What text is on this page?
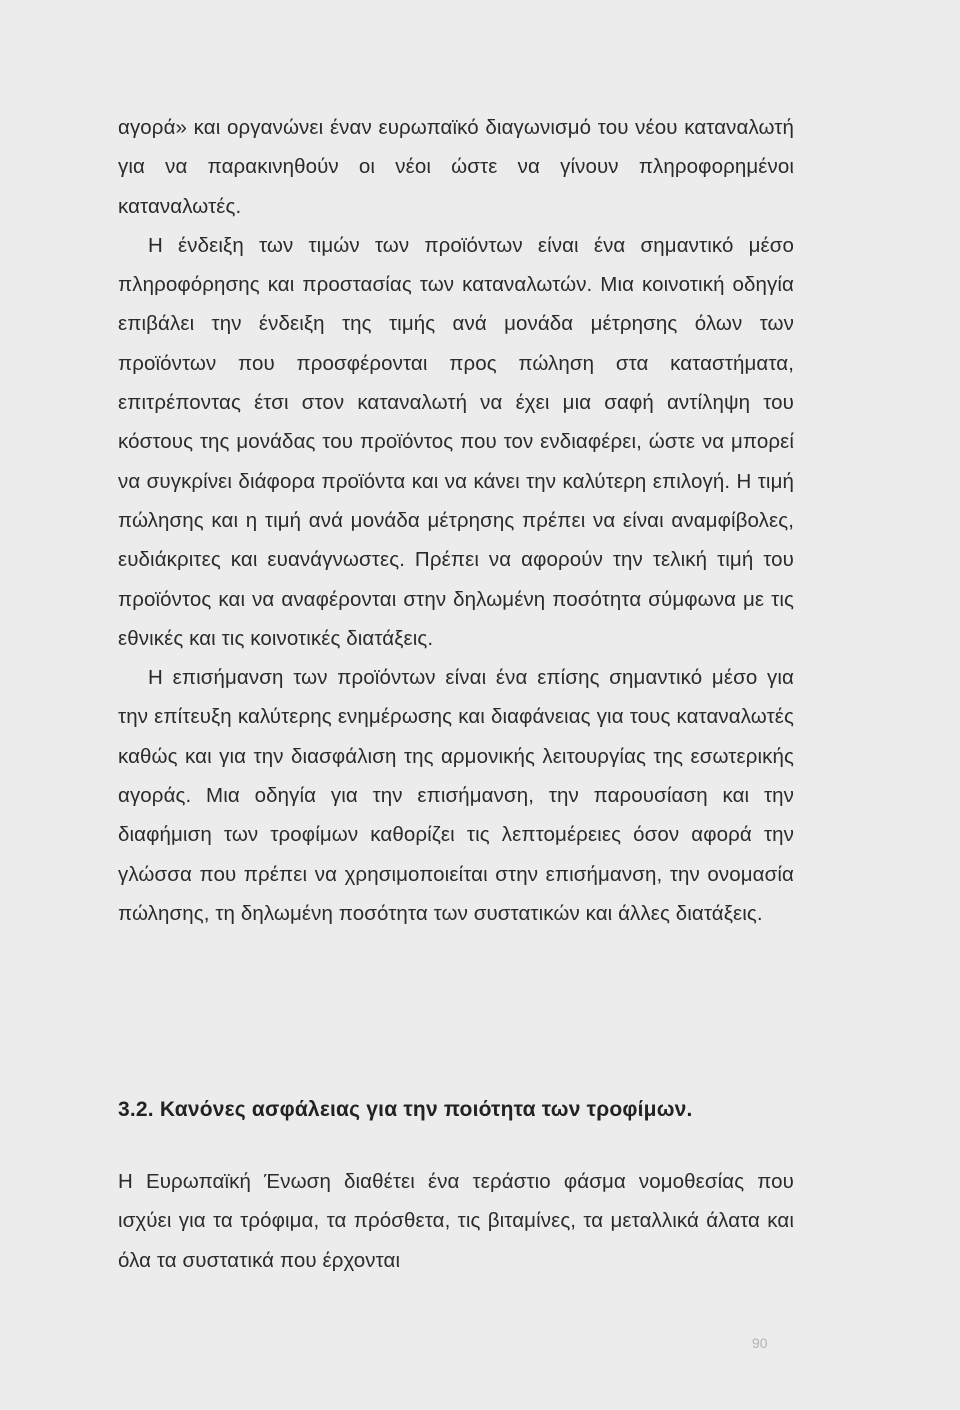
αγορά» και οργανώνει έναν ευρωπαϊκό διαγωνισμό του νέου καταναλωτή για να παρακινηθούν οι νέοι ώστε να γίνουν πληροφορημένοι καταναλωτές.

Η ένδειξη των τιμών των προϊόντων είναι ένα σημαντικό μέσο πληροφόρησης και προστασίας των καταναλωτών. Μια κοινοτική οδηγία επιβάλει την ένδειξη της τιμής ανά μονάδα μέτρησης όλων των προϊόντων που προσφέρονται προς πώληση στα καταστήματα, επιτρέποντας έτσι στον καταναλωτή να έχει μια σαφή αντίληψη του κόστους της μονάδας του προϊόντος που τον ενδιαφέρει, ώστε να μπορεί να συγκρίνει διάφορα προϊόντα και να κάνει την καλύτερη επιλογή. Η τιμή πώλησης και η τιμή ανά μονάδα μέτρησης πρέπει να είναι αναμφίβολες, ευδιάκριτες και ευανάγνωστες. Πρέπει να αφορούν την τελική τιμή του προϊόντος και να αναφέρονται στην δηλωμένη ποσότητα σύμφωνα με τις εθνικές και τις κοινοτικές διατάξεις.

Η επισήμανση των προϊόντων είναι ένα επίσης σημαντικό μέσο για την επίτευξη καλύτερης ενημέρωσης και διαφάνειας για τους καταναλωτές καθώς και για την διασφάλιση της αρμονικής λειτουργίας της εσωτερικής αγοράς. Μια οδηγία για την επισήμανση, την παρουσίαση και την διαφήμιση των τροφίμων καθορίζει τις λεπτομέρειες όσον αφορά την γλώσσα που πρέπει να χρησιμοποιείται στην επισήμανση, την ονομασία πώλησης, τη δηλωμένη ποσότητα των συστατικών και άλλες διατάξεις.

3.2. Κανόνες ασφάλειας για την ποιότητα των τροφίμων.

Η Ευρωπαϊκή Ένωση διαθέτει ένα τεράστιο φάσμα νομοθεσίας που ισχύει για τα τρόφιμα, τα πρόσθετα, τις βιταμίνες, τα μεταλλικά άλατα και όλα τα συστατικά που έρχονται

90
